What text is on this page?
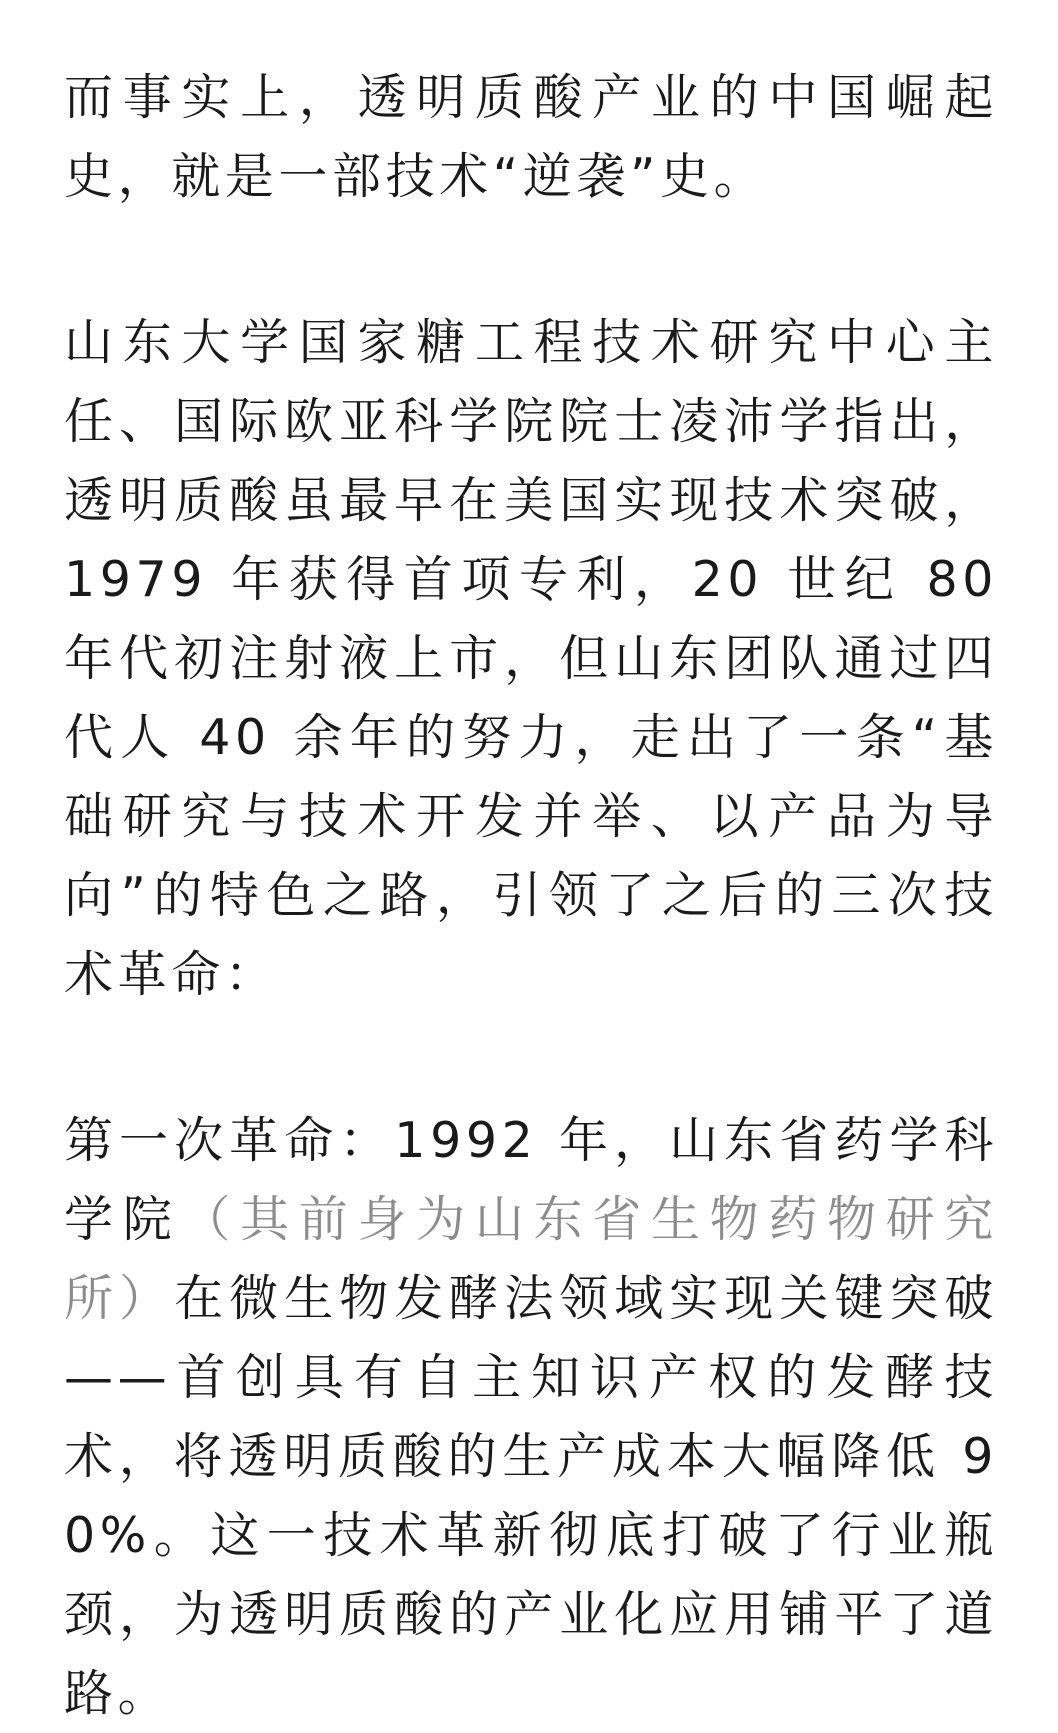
而事实上，透明质酸产业的中国崛起史，就是一部技术“逆袭”史。

山东大学国家糖工程技术研究中心主任、国际欧亚科学院院士凌沛学指出，透明质酸虽最早在美国实现技术突破，1979 年获得首项专利，20 世纪 80 年代初注射液上市，但山东团队通过四代人 40 余年的努力，走出了一条“基础研究与技术开发并举、以产品为导向”的特色之路，引领了之后的三次技术革命：

第一次革命：1992 年，山东省药学科学院（其前身为山东省生物药物研究所）在微生物发酵法领域实现关键突破——首创具有自主知识产权的发酵技术，将透明质酸的生产成本大幅降低 90%。这一技术革新彻底打破了行业瓶颈，为透明质酸的产业化应用铺平了道路。
